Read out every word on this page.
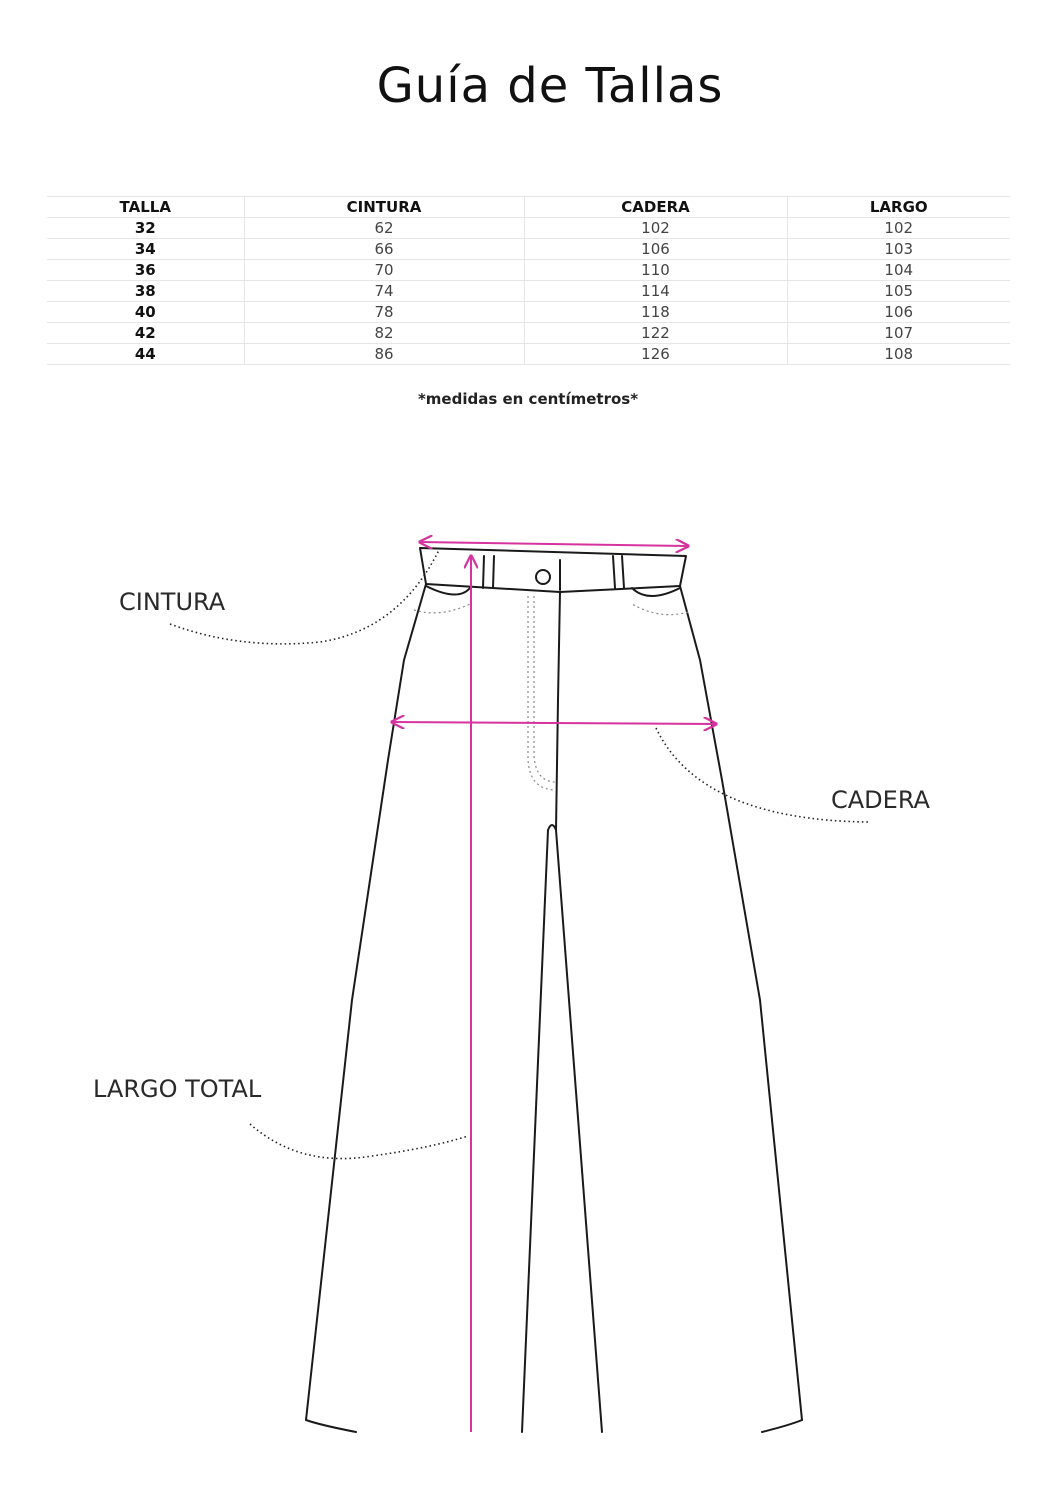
Guía de Tallas
TALLA	CINTURA	CADERA	LARGO
32	62	102	102
34	66	106	103
36	70	110	104
38	74	114	105
40	78	118	106
42	82	122	107
44	86	126	108
*medidas en centímetros*
CINTURA
CADERA
LARGO TOTAL
